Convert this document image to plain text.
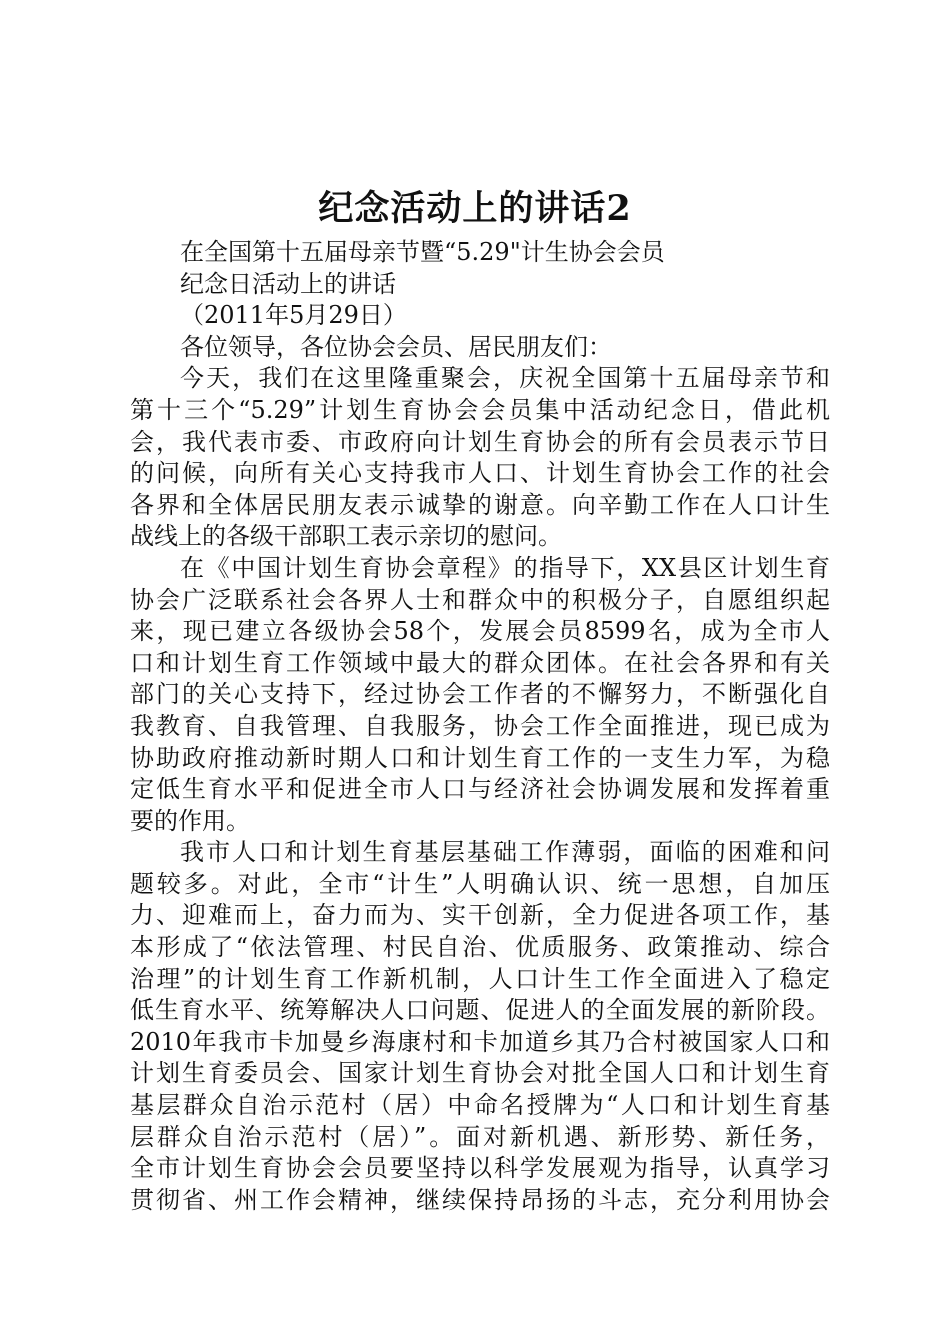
纪念活动上的讲话2
在全国第十五届母亲节暨“5.29"计生协会会员
纪念日活动上的讲话
（2011年5月29日）
各位领导，各位协会会员、居民朋友们：
今天，我们在这里隆重聚会，庆祝全国第十五届母亲节和
第十三个“5.29”计划生育协会会员集中活动纪念日，借此机
会，我代表市委、市政府向计划生育协会的所有会员表示节日
的问候，向所有关心支持我市人口、计划生育协会工作的社会
各界和全体居民朋友表示诚挚的谢意。向辛勤工作在人口计生
战线上的各级干部职工表示亲切的慰问。
在《中国计划生育协会章程》的指导下，XX县区计划生育
协会广泛联系社会各界人士和群众中的积极分子，自愿组织起
来，现已建立各级协会58个，发展会员8599名，成为全市人
口和计划生育工作领域中最大的群众团体。在社会各界和有关
部门的关心支持下，经过协会工作者的不懈努力，不断强化自
我教育、自我管理、自我服务，协会工作全面推进，现已成为
协助政府推动新时期人口和计划生育工作的一支生力军，为稳
定低生育水平和促进全市人口与经济社会协调发展和发挥着重
要的作用。
我市人口和计划生育基层基础工作薄弱，面临的困难和问
题较多。对此，全市“计生”人明确认识、统一思想，自加压
力、迎难而上，奋力而为、实干创新，全力促进各项工作，基
本形成了“依法管理、村民自治、优质服务、政策推动、综合
治理”的计划生育工作新机制，人口计生工作全面进入了稳定
低生育水平、统筹解决人口问题、促进人的全面发展的新阶段。
2010年我市卡加曼乡海康村和卡加道乡其乃合村被国家人口和
计划生育委员会、国家计划生育协会对批全国人口和计划生育
基层群众自治示范村（居）中命名授牌为“人口和计划生育基
层群众自治示范村（居）”。面对新机遇、新形势、新任务，
全市计划生育协会会员要坚持以科学发展观为指导，认真学习
贯彻省、州工作会精神，继续保持昂扬的斗志，充分利用协会
